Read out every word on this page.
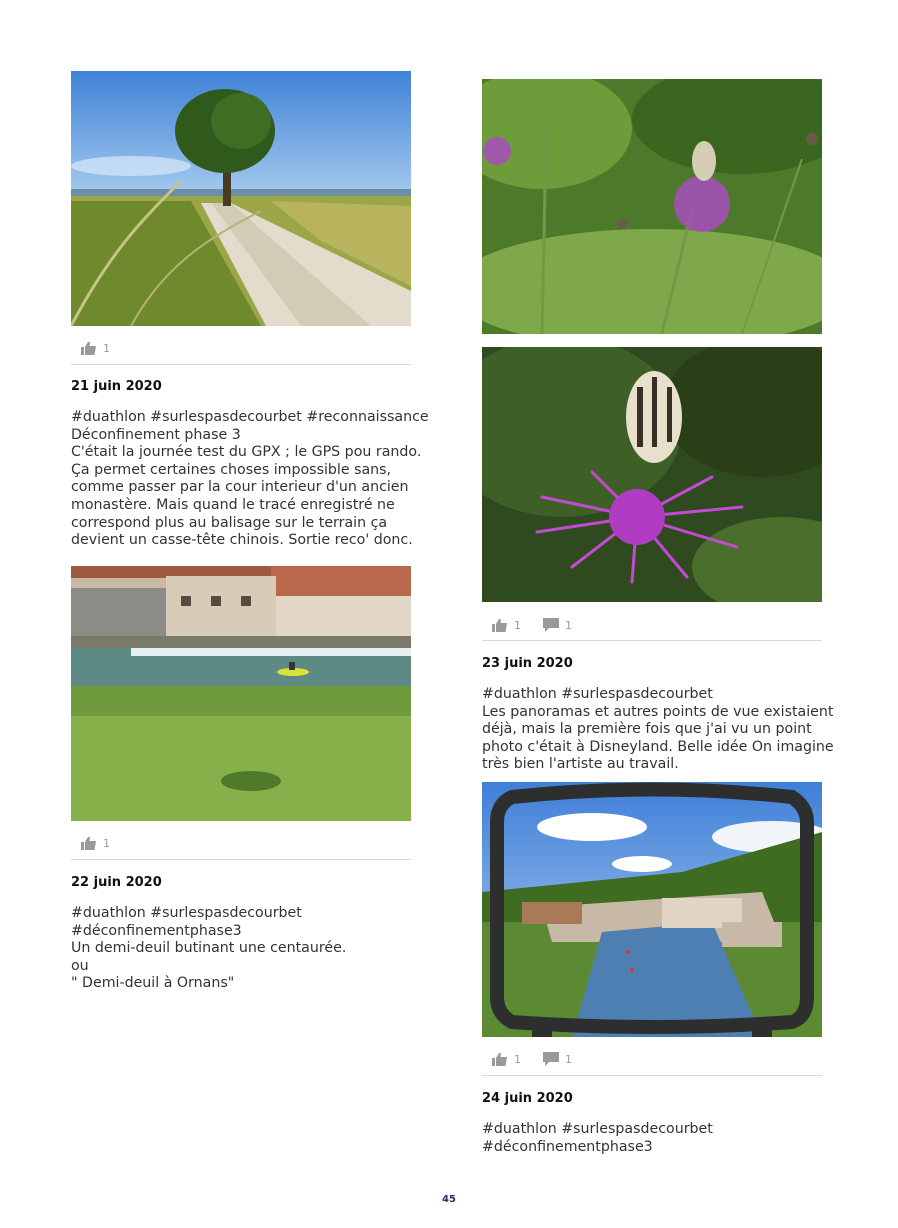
1
21 juin 2020
#duathlon #surlespasdecourbet #reconnaissance
Déconfinement phase 3
C'était la journée test du GPX ; le GPS pou rando.
Ça permet certaines choses impossible sans,
comme passer par la cour interieur d'un ancien
monastère. Mais quand le tracé enregistré ne
correspond plus au balisage sur le terrain ça
devient un casse-tête chinois. Sortie reco' donc.
1
22 juin 2020
#duathlon #surlespasdecourbet
#déconfinementphase3
Un demi-deuil butinant une centaurée.
ou
" Demi-deuil à Ornans"
1	1
23 juin 2020
#duathlon #surlespasdecourbet
Les panoramas et autres points de vue existaient
déjà, mais la première fois que j'ai vu un point
photo c'était à Disneyland. Belle idée On imagine
très bien l'artiste au travail.
1	1
24 juin 2020
#duathlon #surlespasdecourbet
#déconfinementphase3
45
